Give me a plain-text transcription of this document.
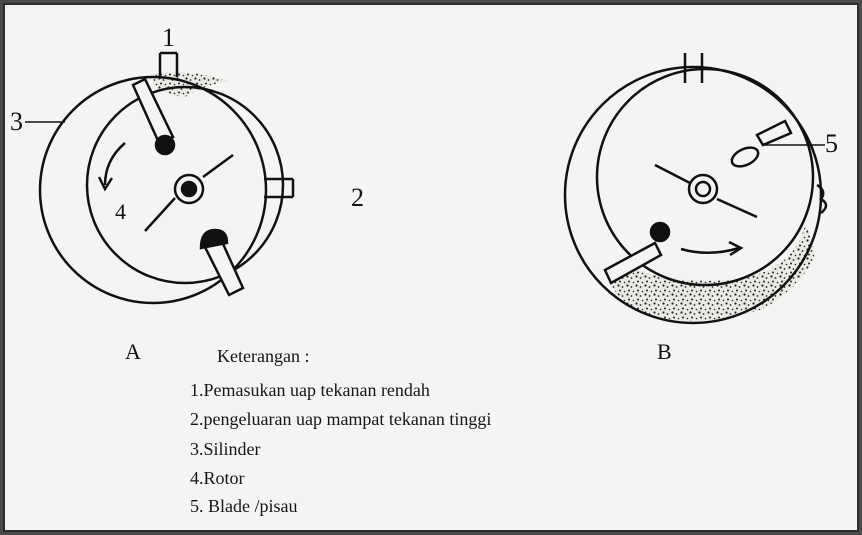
1
2
3
4
5
A	B
Keterangan :
1.Pemasukan uap tekanan rendah
2.pengeluaran uap mampat tekanan tinggi
3.Silinder
4.Rotor
5. Blade /pisau
